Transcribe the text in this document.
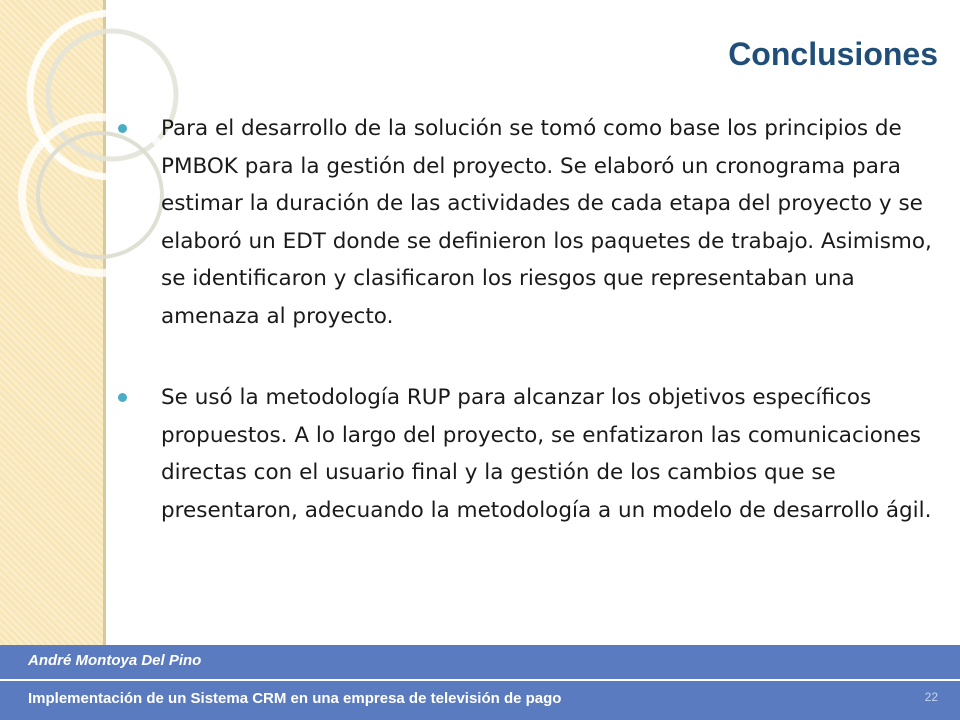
Conclusiones
Para el desarrollo de la solución se tomó como base los principios de PMBOK para la gestión del proyecto. Se elaboró un cronograma para estimar la duración de las actividades de cada etapa del proyecto y se elaboró un EDT donde se definieron los paquetes de trabajo. Asimismo, se identificaron y clasificaron los riesgos que representaban una amenaza al proyecto.
Se usó la metodología RUP para alcanzar los objetivos específicos propuestos. A lo largo del proyecto, se enfatizaron las comunicaciones directas con el usuario final y la gestión de los cambios que se presentaron, adecuando la metodología a un modelo de desarrollo ágil.
André Montoya Del Pino
Implementación de un Sistema CRM en una empresa de televisión de pago	22
